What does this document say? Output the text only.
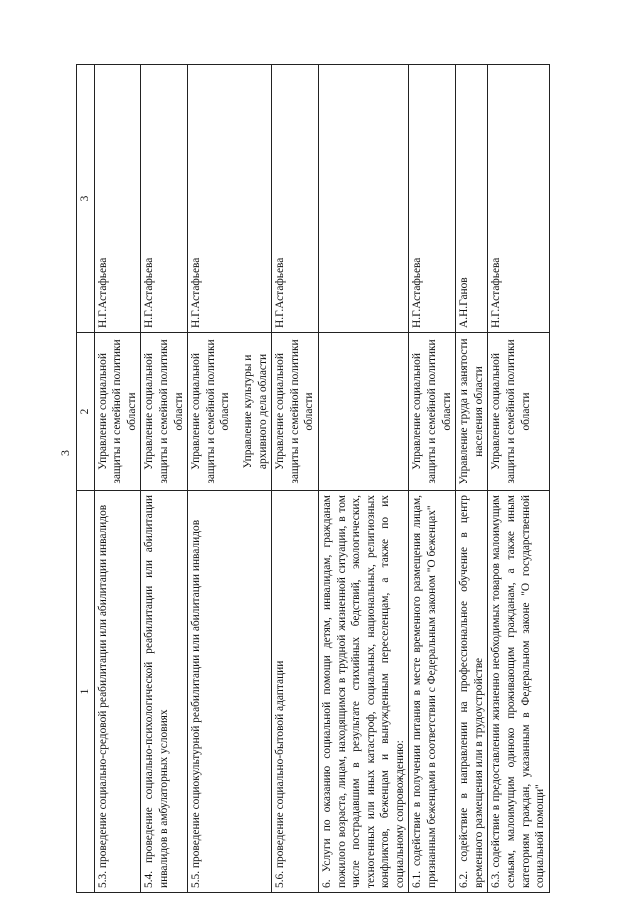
3
1	2	3
5.3. проведение социально-средовой реабилитации или абилитации инвалидов	Управление социальной защиты и семейной политики области	Н.Г.Астафьева
5.4. проведение социально-психологической реабилитации или абилитации инвалидов в амбулаторных условиях	Управление социальной защиты и семейной политики области	Н.Г.Астафьева
5.5. проведение социокультурной реабилитации или абилитации инвалидов	Управление социальной защиты и семейной политики области Управление культуры и архивного дела области	Н.Г.Астафьева
5.6. проведение социально-бытовой адаптации	Управление социальной защиты и семейной политики области	Н.Г.Астафьева
6. Услуги по оказанию социальной помощи детям, инвалидам, гражданам пожилого возраста, лицам, находящимся в трудной жизненной ситуации, в том числе пострадавшим в результате стихийных бедствий, экологических, техногенных или иных катастроф, социальных, национальных, религиозных конфликтов, беженцам и вынужденным переселенцам, а также по их социальному сопровождению:		
6.1. содействие в получении питания в месте временного размещения лицам, признанным беженцами в соответствии с Федеральным законом "О беженцах"	Управление социальной защиты и семейной политики области	Н.Г.Астафьева
6.2. содействие в направлении на профессиональное обучение в центр временного размещения или в трудоустройстве	Управление труда и занятости населения области	А.Н.Ганов
6.3. содействие в предоставлении жизненно необходимых товаров малоимущим семьям, малоимущим одиноко проживающим гражданам, а также иным категориям граждан, указанным в Федеральном законе "О государственной социальной помощи"	Управление социальной защиты и семейной политики области	Н.Г.Астафьева
